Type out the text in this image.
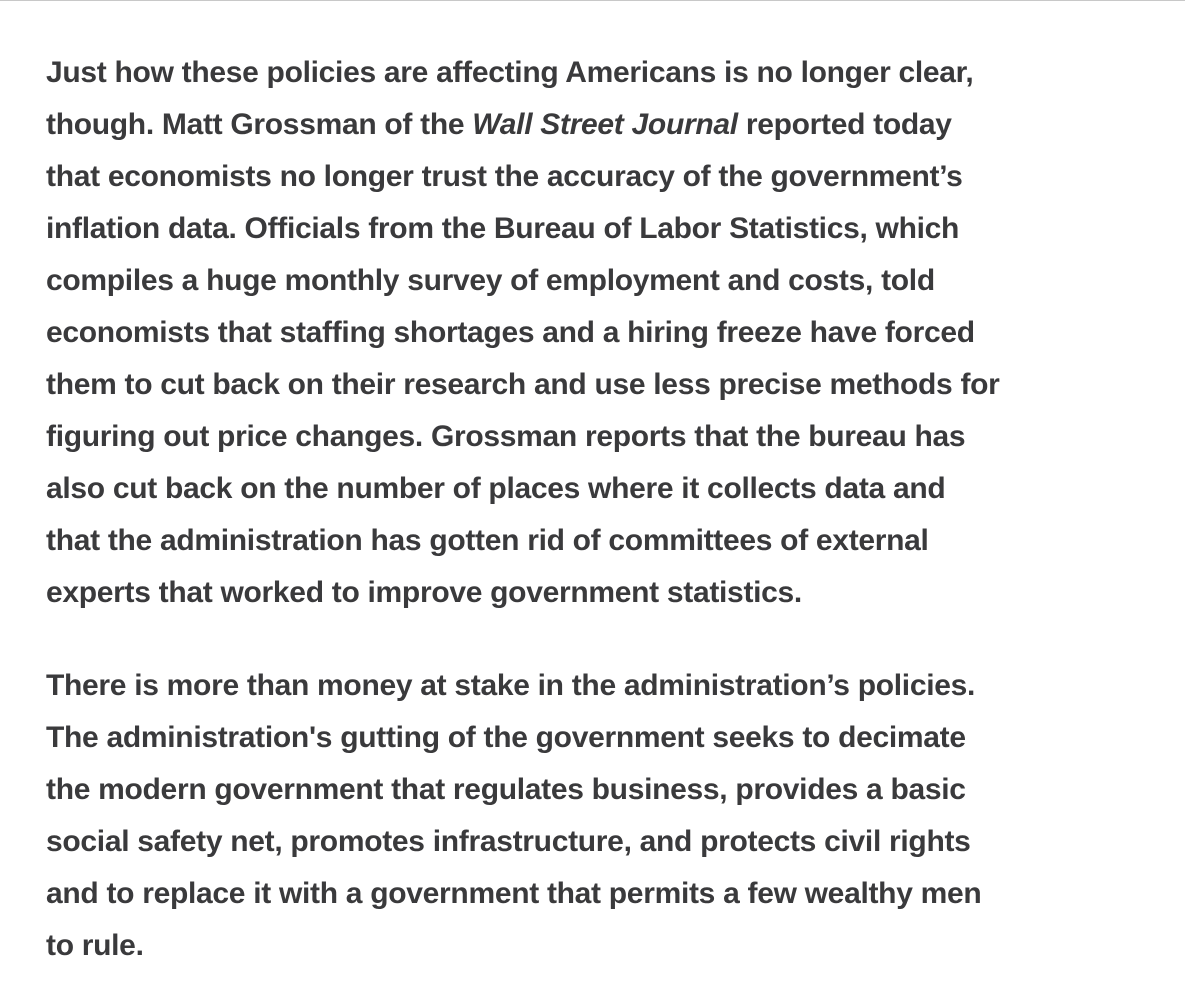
Just how these policies are affecting Americans is no longer clear,
though. Matt Grossman of the Wall Street Journal reported today
that economists no longer trust the accuracy of the government’s
inflation data. Officials from the Bureau of Labor Statistics, which
compiles a huge monthly survey of employment and costs, told
economists that staffing shortages and a hiring freeze have forced
them to cut back on their research and use less precise methods for
figuring out price changes. Grossman reports that the bureau has
also cut back on the number of places where it collects data and
that the administration has gotten rid of committees of external
experts that worked to improve government statistics.

There is more than money at stake in the administration’s policies.
The administration's gutting of the government seeks to decimate
the modern government that regulates business, provides a basic
social safety net, promotes infrastructure, and protects civil rights
and to replace it with a government that permits a few wealthy men
to rule.
